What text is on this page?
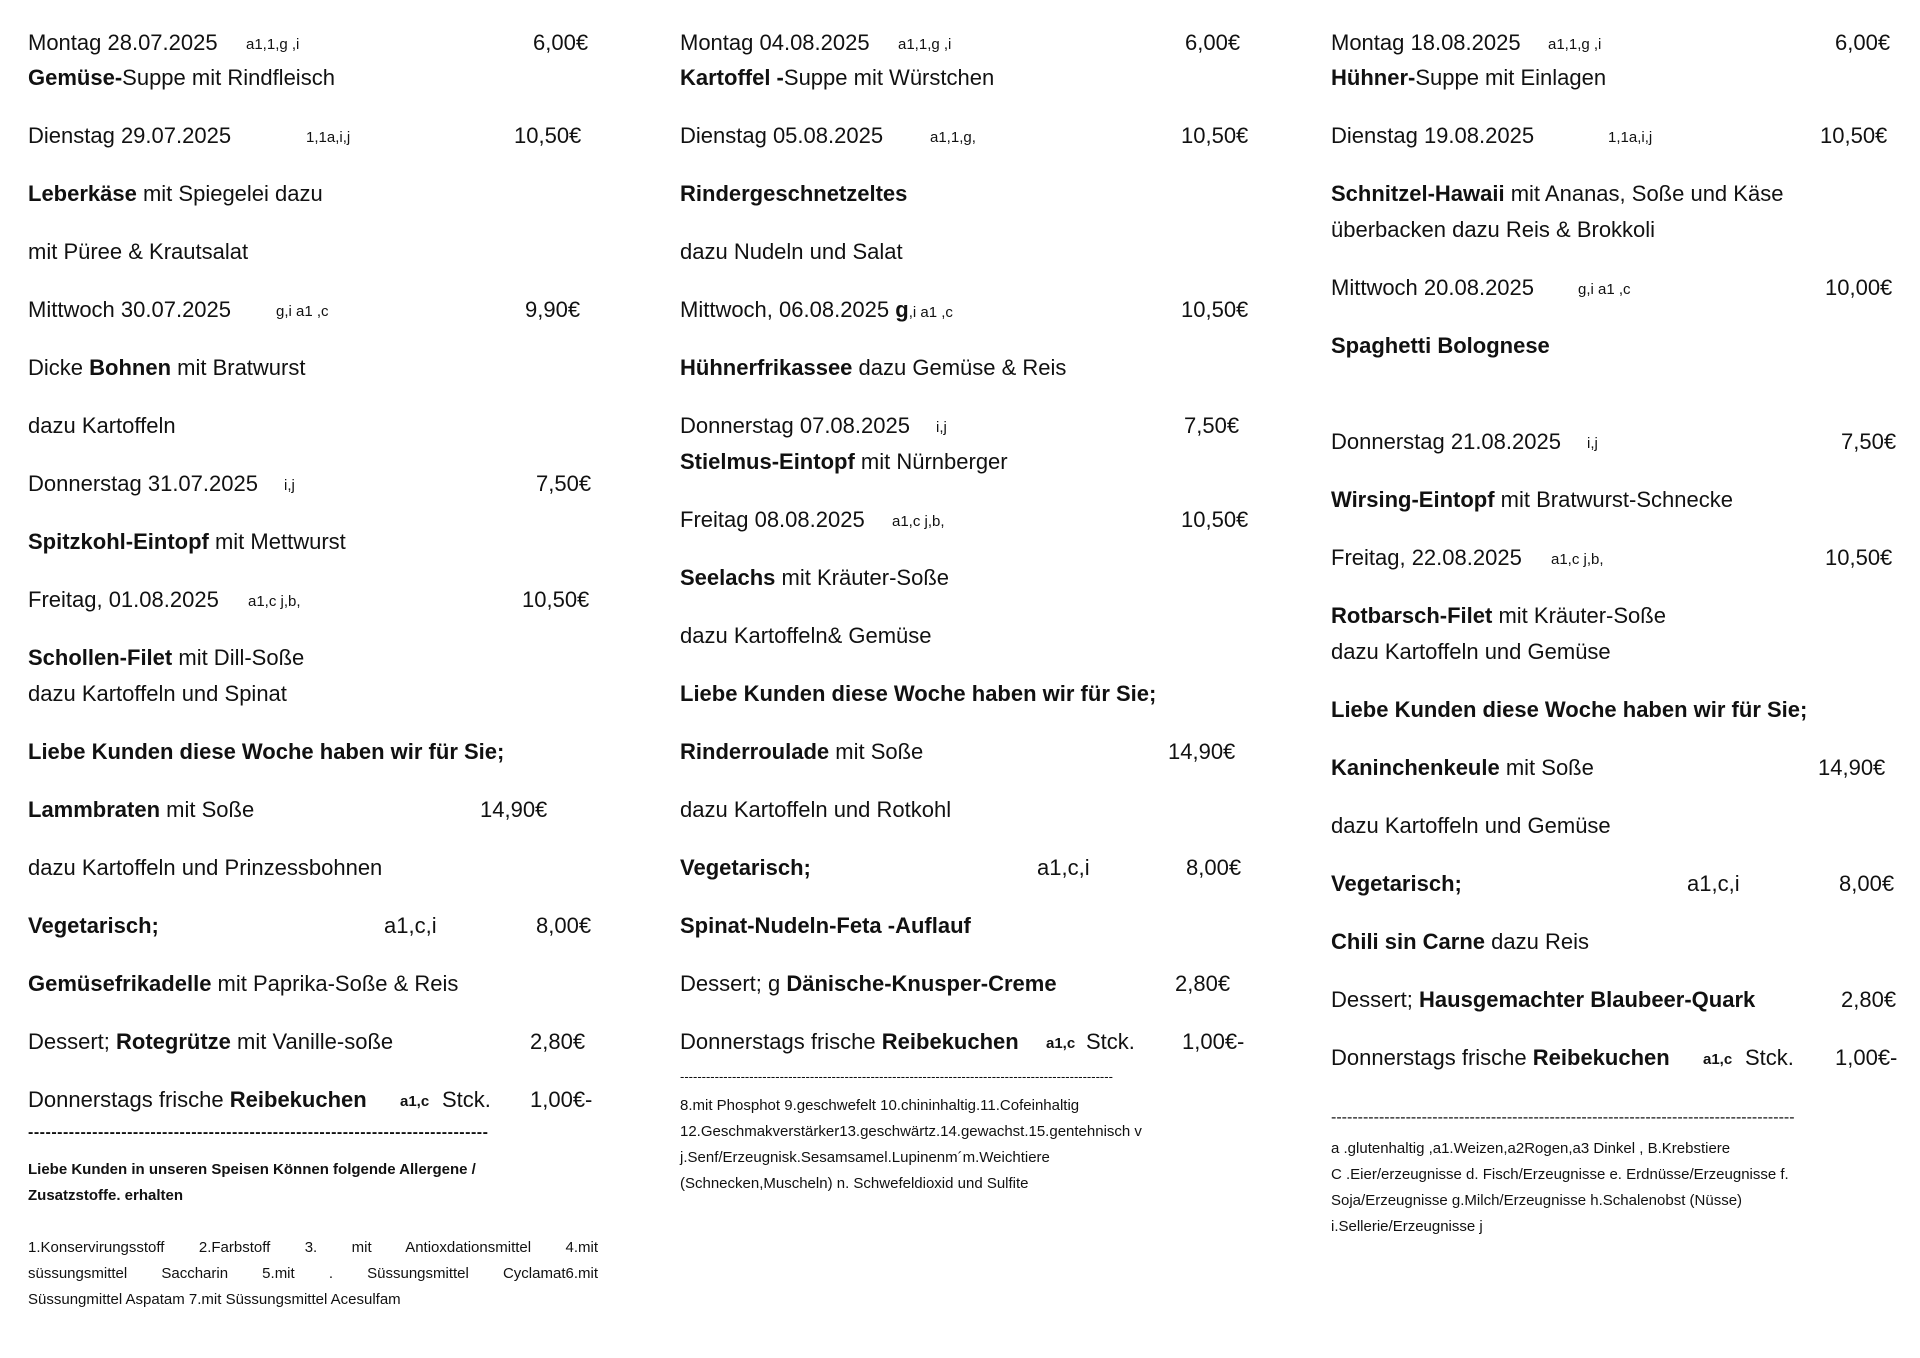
Montag 28.07.2025 a1,1,g ,i	6,00€
Gemüse-Suppe mit Rindfleisch
Dienstag 29.07.2025	1,1a,i,j	10,50€
Leberkäse mit Spiegelei dazu
mit Püree & Krautsalat
Mittwoch 30.07.2025	g,i a1 ,c	9,90€
Dicke Bohnen mit Bratwurst
dazu Kartoffeln
Donnerstag 31.07.2025 i,j	7,50€
Spitzkohl-Eintopf mit Mettwurst
Freitag, 01.08.2025 a1,c j,b,	10,50€
Schollen-Filet mit Dill-Soße
dazu Kartoffeln und Spinat
Liebe Kunden diese Woche haben wir für Sie;
Lammbraten mit Soße	14,90€
dazu Kartoffeln und Prinzessbohnen
Vegetarisch;	a1,c,i	8,00€
Gemüsefrikadelle mit Paprika-Soße & Reis
Dessert; Rotegrütze mit Vanille-soße	2,80€
Donnerstags frische Reibekuchen a1,c Stck. 1,00€-
-------------------------------------------------------------------------------
Liebe Kunden in unseren Speisen Können folgende Allergene /
Zusatzstoffe. erhalten
1.Konservirungsstoff 2.Farbstoff 3. mit Antioxdationsmittel 4.mit
süssungsmittel Saccharin 5.mit . Süssungsmittel Cyclamat6.mit
Süssungmittel Aspatam 7.mit Süssungsmittel Acesulfam
Montag 04.08.2025 a1,1,g ,i	6,00€
Kartoffel -Suppe mit Würstchen
Dienstag 05.08.2025	a1,1,g,	10,50€
Rindergeschnetzeltes
dazu Nudeln und Salat
Mittwoch, 06.08.2025 g,i a1 ,c	10,50€
Hühnerfrikassee dazu Gemüse & Reis
Donnerstag 07.08.2025 i,j	7,50€
Stielmus-Eintopf mit Nürnberger
Freitag 08.08.2025 a1,c j,b,	10,50€
Seelachs mit Kräuter-Soße
dazu Kartoffeln& Gemüse
Liebe Kunden diese Woche haben wir für Sie;
Rinderroulade mit Soße	14,90€
dazu Kartoffeln und Rotkohl
Vegetarisch;	a1,c,i	8,00€
Spinat-Nudeln-Feta -Auflauf
Dessert; g Dänische-Knusper-Creme	2,80€
Donnerstags frische Reibekuchen a1,c Stck. 1,00€-
----------------------------------------------------------------------------------------------------
8.mit Phosphot 9.geschwefelt 10.chininhaltig.11.Cofeinhaltig
12.Geschmakverstärker13.geschwärtz.14.gewachst.15.gentehnisch v
j.Senf/Erzeugnisk.Sesamsamel.Lupinenm´m.Weichtiere
(Schnecken,Muscheln) n. Schwefeldioxid und Sulfite
Montag 18.08.2025 a1,1,g ,i	6,00€
Hühner-Suppe mit Einlagen
Dienstag 19.08.2025	1,1a,i,j	10,50€
Schnitzel-Hawaii mit Ananas, Soße und Käse
überbacken dazu Reis & Brokkoli
Mittwoch 20.08.2025	g,i a1 ,c	10,00€
Spaghetti Bolognese
Donnerstag 21.08.2025 i,j	7,50€
Wirsing-Eintopf mit Bratwurst-Schnecke
Freitag, 22.08.2025 a1,c j,b,	10,50€
Rotbarsch-Filet mit Kräuter-Soße
dazu Kartoffeln und Gemüse
Liebe Kunden diese Woche haben wir für Sie;
Kaninchenkeule mit Soße	14,90€
dazu Kartoffeln und Gemüse
Vegetarisch;	a1,c,i	8,00€
Chili sin Carne dazu Reis
Dessert; Hausgemachter Blaubeer-Quark	2,80€
Donnerstags frische Reibekuchen a1,c Stck. 1,00€-
---------------------------------------------------------------------------------------
a .glutenhaltig ,a1.Weizen,a2Rogen,a3 Dinkel , B.Krebstiere
C .Eier/erzeugnisse d. Fisch/Erzeugnisse e. Erdnüsse/Erzeugnisse f.
Soja/Erzeugnisse g.Milch/Erzeugnisse h.Schalenobst (Nüsse)
i.Sellerie/Erzeugnisse j
